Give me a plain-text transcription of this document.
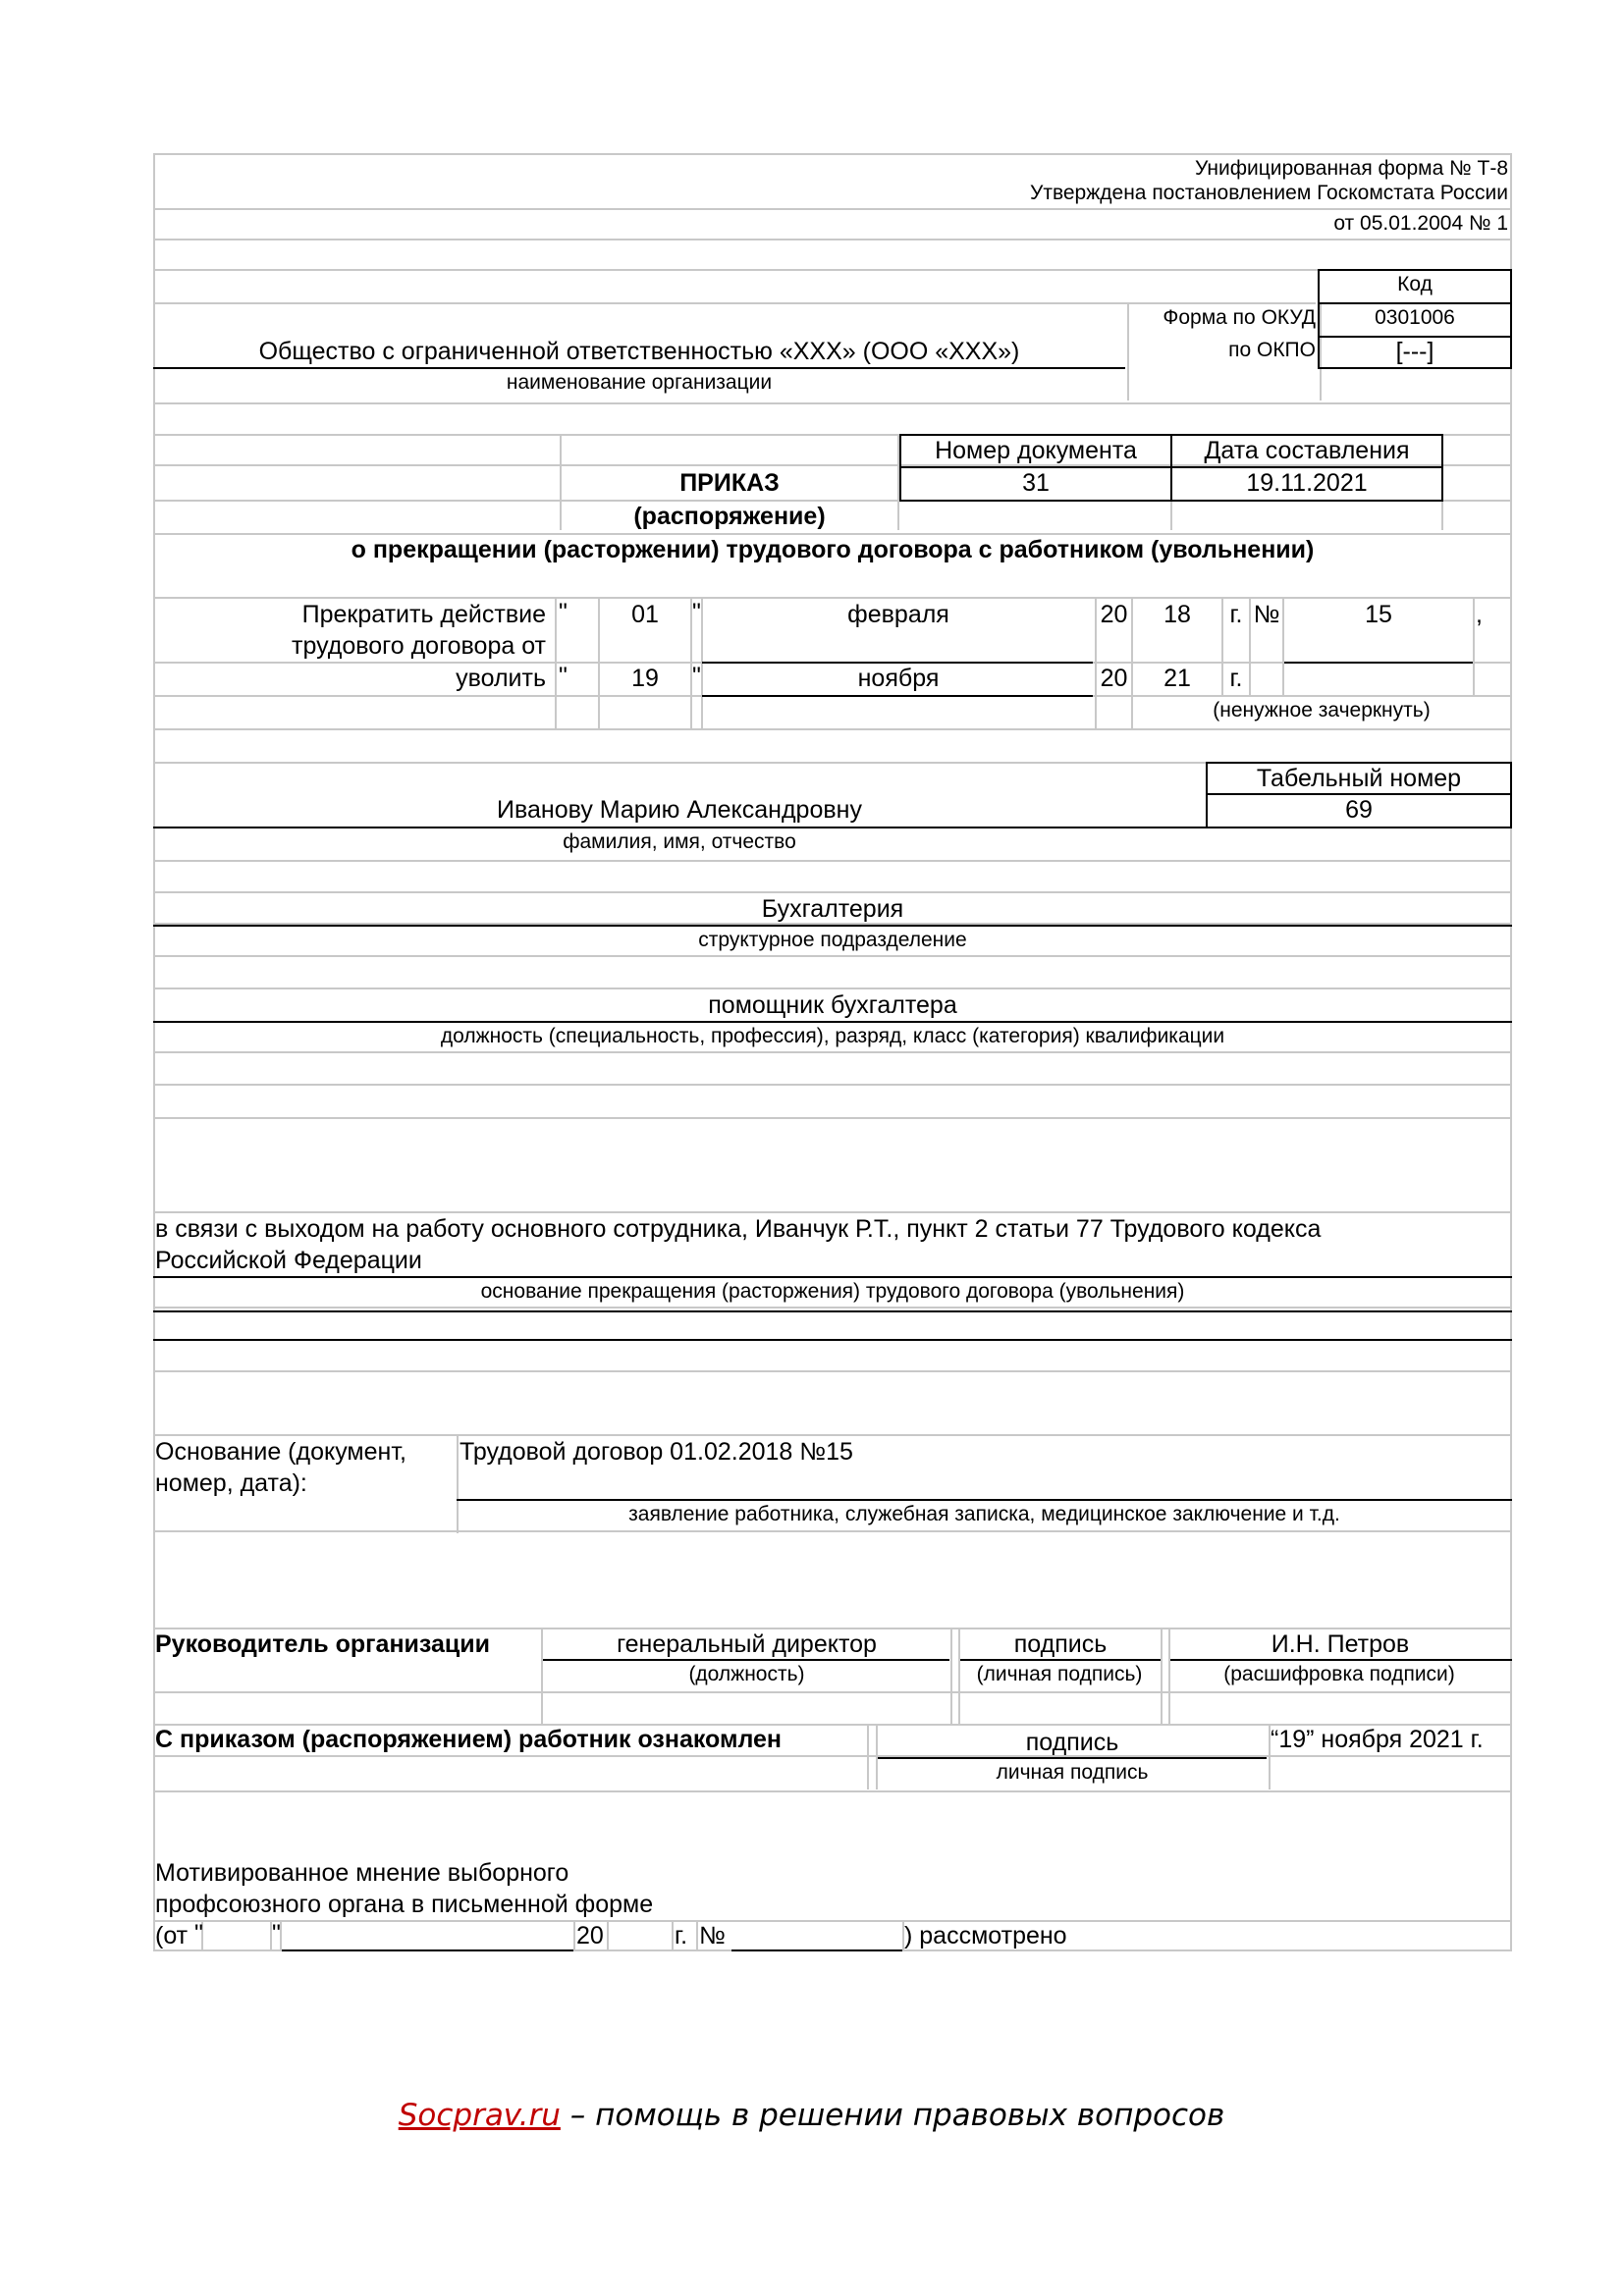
Унифицированная форма № Т-8
Утверждена постановлением Госкомстата России
от 05.01.2004 № 1
Код
Форма по ОКУД	0301006
по ОКПО	[---]
Общество с ограниченной ответственностью «XXX» (ООО «XXX»)
наименование организации
Номер документа	Дата составления
ПРИКАЗ	31	19.11.2021
(распоряжение)
о прекращении (расторжении) трудового договора с работником (увольнении)
Прекратить действие
трудового договора от
"	01	"	февраля	20	18	г. №	15	,
уволить "	19	"	ноября	20	21	г.
(ненужное зачеркнуть)
Табельный номер
Иванову Марию Александровну	69
фамилия, имя, отчество
Бухгалтерия
структурное подразделение
помощник бухгалтера
должность (специальность, профессия), разряд, класс (категория) квалификации
в связи с выходом на работу основного сотрудника, Иванчук Р.Т., пункт 2 статьи 77 Трудового кодекса
Российской Федерации
основание прекращения (расторжения) трудового договора (увольнения)
Основание (документ,
номер, дата):
Трудовой договор 01.02.2018 №15
заявление работника, служебная записка, медицинское заключение и т.д.
Руководитель организации	генеральный директор	подпись	И.Н. Петров
(должность)	(личная подпись)	(расшифровка подписи)
С приказом (распоряжением) работник ознакомлен	подпись	“19” ноября 2021 г.
личная подпись
Мотивированное мнение выборного
профсоюзного органа в письменной форме
(от "	"	20	г. №	) рассмотрено
Socprav.ru – помощь в решении правовых вопросов
